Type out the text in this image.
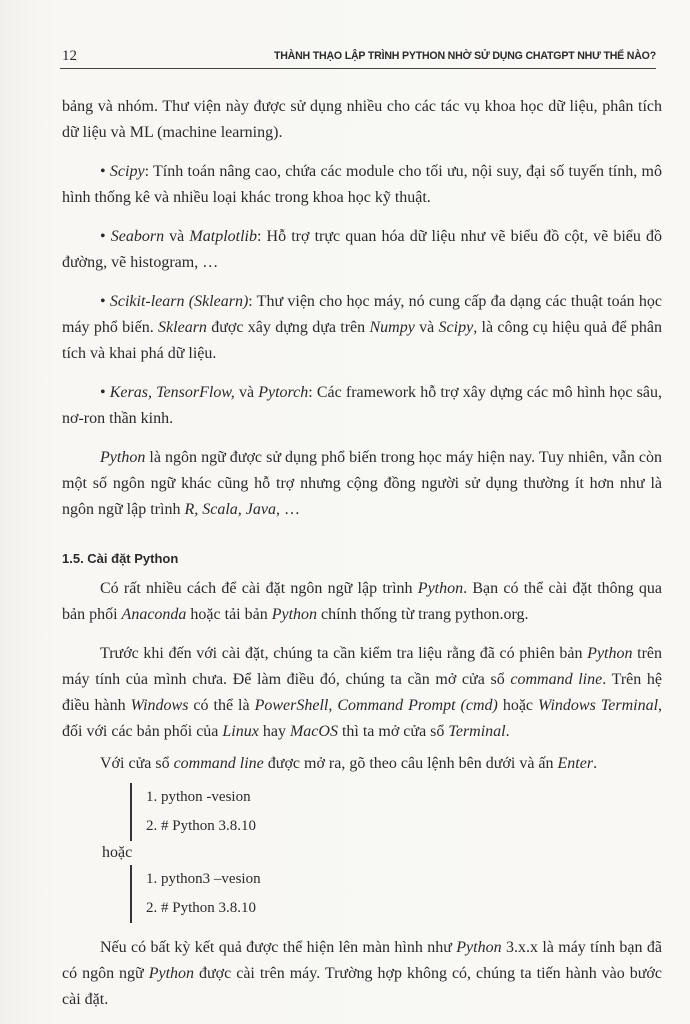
12	THÀNH THẠO LẬP TRÌNH PYTHON NHỜ SỬ DỤNG CHATGPT NHƯ THẾ NÀO?

bảng và nhóm. Thư viện này được sử dụng nhiều cho các tác vụ khoa học dữ liệu, phân tích dữ liệu và ML (machine learning).

• Scipy: Tính toán nâng cao, chứa các module cho tối ưu, nội suy, đại số tuyến tính, mô hình thống kê và nhiều loại khác trong khoa học kỹ thuật.

• Seaborn và Matplotlib: Hỗ trợ trực quan hóa dữ liệu như vẽ biểu đồ cột, vẽ biểu đồ đường, vẽ histogram, …

• Scikit-learn (Sklearn): Thư viện cho học máy, nó cung cấp đa dạng các thuật toán học máy phổ biến. Sklearn được xây dựng dựa trên Numpy và Scipy, là công cụ hiệu quả để phân tích và khai phá dữ liệu.

• Keras, TensorFlow, và Pytorch: Các framework hỗ trợ xây dựng các mô hình học sâu, nơ-ron thần kinh.

Python là ngôn ngữ được sử dụng phổ biến trong học máy hiện nay. Tuy nhiên, vẫn còn một số ngôn ngữ khác cũng hỗ trợ nhưng cộng đồng người sử dụng thường ít hơn như là ngôn ngữ lập trình R, Scala, Java, …

1.5. Cài đặt Python

Có rất nhiều cách để cài đặt ngôn ngữ lập trình Python. Bạn có thể cài đặt thông qua bản phối Anaconda hoặc tải bản Python chính thống từ trang python.org.

Trước khi đến với cài đặt, chúng ta cần kiểm tra liệu rằng đã có phiên bản Python trên máy tính của mình chưa. Để làm điều đó, chúng ta cần mở cửa sổ command line. Trên hệ điều hành Windows có thể là PowerShell, Command Prompt (cmd) hoặc Windows Terminal, đối với các bản phối của Linux hay MacOS thì ta mở cửa sổ Terminal.

Với cửa sổ command line được mở ra, gõ theo câu lệnh bên dưới và ấn Enter.

1. python -vesion
2. # Python 3.8.10
hoặc
1. python3 –vesion
2. # Python 3.8.10

Nếu có bất kỳ kết quả được thể hiện lên màn hình như Python 3.x.x là máy tính bạn đã có ngôn ngữ Python được cài trên máy. Trường hợp không có, chúng ta tiến hành vào bước cài đặt.
